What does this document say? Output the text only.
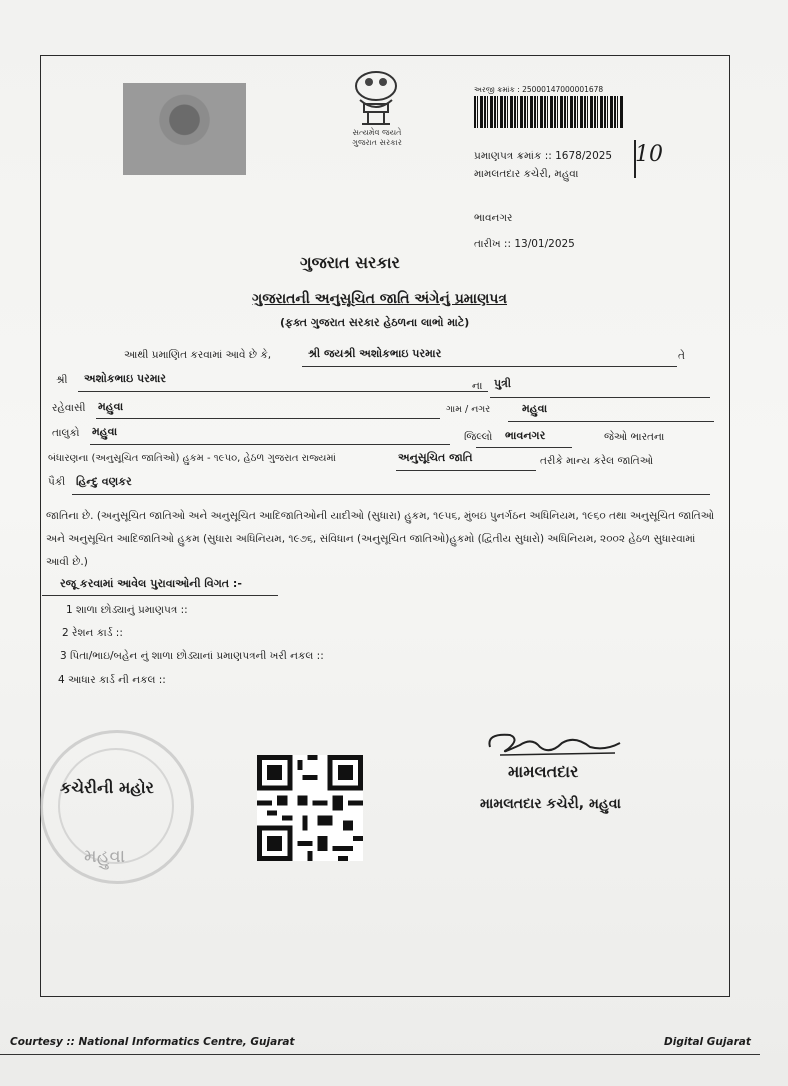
સત્યમેવ જયતે
ગુજરાત સરકાર
અરજી ક્રમાંક : 25000147000001678
પ્રમાણપત્ર ક્રમાંક :: 1678/2025 10
મામલતદાર કચેરી, મહુવા
ભાવનગર
તારીખ :: 13/01/2025
ગુજરાત સરકાર
ગુજરાતની અનુસૂચિત જાતિ અંગેનું પ્રમાણપત્ર
(ફક્ત ગુજરાત સરકાર હેઠળના લાભો માટે)
આથી પ્રમાણિત કરવામાં આવે છે કે,	શ્રી જયશ્રી અશોકભાઇ પરમાર	તે
શ્રી અશોકભાઇ પરમાર
ના પુત્રી
રહેવાસી મહુવા	ગામ / નગર	મહુવા
તાલુકો મહુવા	જિલ્લો ભાવનગર	જેઓ ભારતના
બંધારણના (અનુસૂચિત જાતિઓ) હુકમ - ૧૯૫૦, હેઠળ ગુજરાત રાજ્યમાં	અનુસૂચિત જાતિ	તરીકે માન્ય કરેલ જાતિઓ
પૈકી હિન્દુ વણકર
જાતિના છે. (અનુસૂચિત જાતિઓ અને અનુસૂચિત આદિજાતિઓની યાદીઓ (સુધારા) હુકમ, ૧૯૫૬, મુંબઇ પુનર્ગઠન અધિનિયમ, ૧૯૬૦ તથા અનુસૂચિત જાતિઓ અને અનુસૂચિત આદિજાતિઓ હુકમ (સુધારા અધિનિયમ, ૧૯૭૬, સંવિધાન (અનુસૂચિત જાતિઓ)હુકમો (દ્વિતીય સુધારો) અધિનિયમ, ૨૦૦૨ હેઠળ સુધારવામાં આવી છે.)
રજૂ કરવામાં આવેલ પુરાવાઓની વિગત :-
1 શાળા છોડ્યાનું પ્રમાણપત્ર ::
2 રેશન કાર્ડ ::
3 પિતા/ભાઇ/બહેન નું શાળા છોડ્યાનાં પ્રમાણપત્રની ખરી નકલ ::
4 આધાર કાર્ડ ની નકલ ::
મહુવા
કચેરીની મહોર
મામલતદાર
મામલતદાર કચેરી, મહુવા
Courtesy :: National Informatics Centre, Gujarat	Digital Gujarat
